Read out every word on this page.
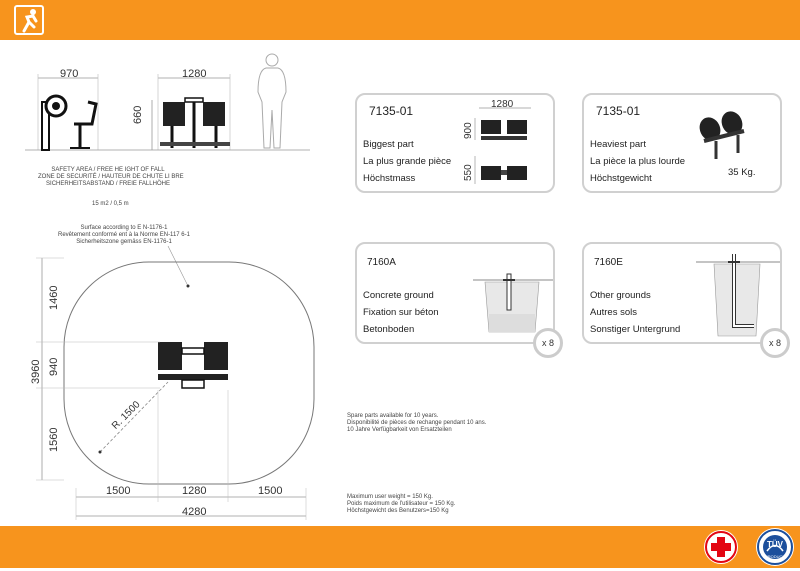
TÜV
PRODUCT
970	1280
660
SAFETY AREA / FREE HE IGHT OF FALL
ZONE DE SECURITÉ / HAUTEUR DE CHUTE LI BRE
SICHERHEITSABSTAND / FREIE FALLHÖHE
15 m2 / 0,5 m
Surface according to E N-1176-1
Revêtement conformé ent à la Norme EN-117 6-1
Sicherheitszone gemäss EN-1176-1
1460
940
1560
3960
R. 1500
1500	1280	1500
4280
7135-01
Biggest part
La plus grande pièce
Höchstmass
1280
900
550
7135-01
Heaviest part
La pièce la plus lourde
Höchstgewicht
35 Kg.
7160A
Concrete ground
Fixation sur béton
Betonboden
x 8
7160E
Other grounds
Autres sols
Sonstiger Untergrund
x 8
Spare parts available for 10 years.
Disponibilité de pièces de rechange pendant 10 ans.
10 Jahre Verfügbarkeit von Ersatzteilen
Maximum user weight = 150 Kg.
Poids maximum de l'utilisateur = 150 Kg.
Höchstgewicht des Benutzers=150 Kg
